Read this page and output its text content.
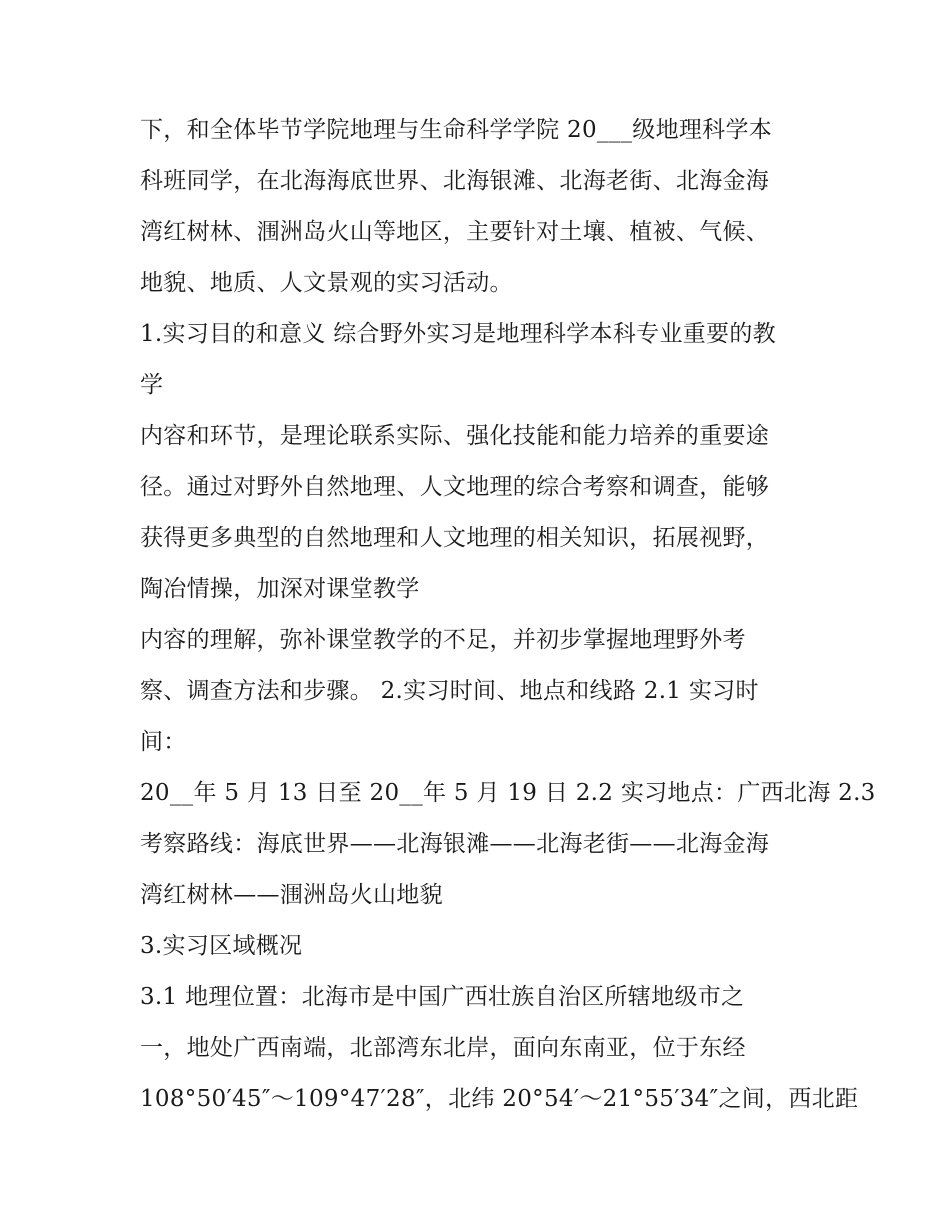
下，和全体毕节学院地理与生命科学学院 20___级地理科学本

科班同学，在北海海底世界、北海银滩、北海老街、北海金海

湾红树林、涠洲岛火山等地区，主要针对土壤、植被、气候、

地貌、地质、人文景观的实习活动。

1.实习目的和意义 综合野外实习是地理科学本科专业重要的教

学

内容和环节，是理论联系实际、强化技能和能力培养的重要途

径。通过对野外自然地理、人文地理的综合考察和调查，能够

获得更多典型的自然地理和人文地理的相关知识，拓展视野，

陶冶情操，加深对课堂教学

内容的理解，弥补课堂教学的不足，并初步掌握地理野外考

察、调查方法和步骤。 2.实习时间、地点和线路 2.1 实习时

间：

20__年 5 月 13 日至 20__年 5 月 19 日 2.2 实习地点：广西北海 2.3

考察路线：海底世界——北海银滩——北海老街——北海金海

湾红树林——涠洲岛火山地貌

3.实习区域概况

3.1 地理位置：北海市是中国广西壮族自治区所辖地级市之

一，地处广西南端，北部湾东北岸，面向东南亚，位于东经

108°50′45″～109°47′28″，北纬 20°54′～21°55′34″之间，西北距
